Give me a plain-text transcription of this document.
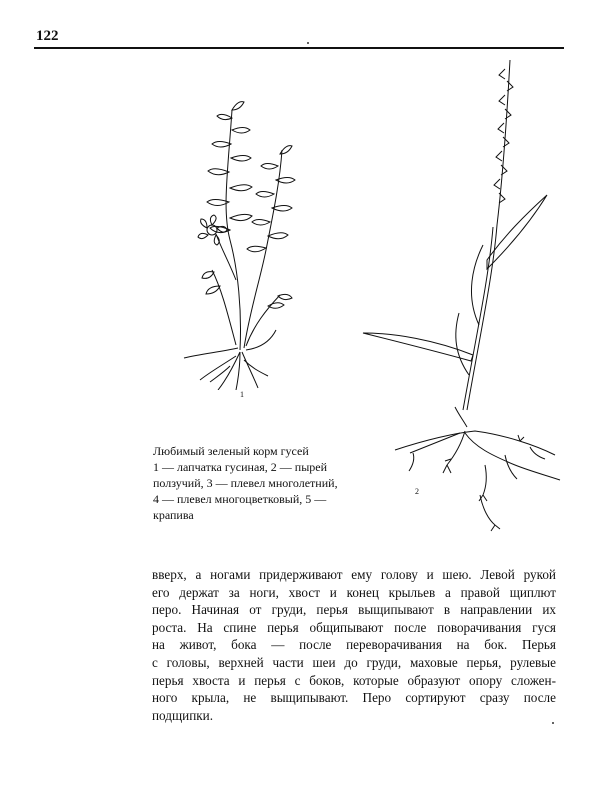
122
1
2
Любимый зеленый корм гусей
1 — лапчатка гусиная, 2 — пырей
ползучий, 3 — плевел многолетний,
4 — плевел многоцветковый, 5 —
крапива
вверх, а ногами придерживают ему голову и шею. Левой рукой
его держат за ноги, хвост и конец крыльев а правой щиплют
перо. Начиная от груди, перья выщипывают в направлении их
роста. На спине перья общипывают после поворачивания гуся
на живот, бока — после переворачивания на бок. Перья
с головы, верхней части шеи до груди, маховые перья, рулевые
перья хвоста и перья с боков, которые образуют опору сложен-
ного крыла, не выщипывают. Перо сортируют сразу после
подщипки.
